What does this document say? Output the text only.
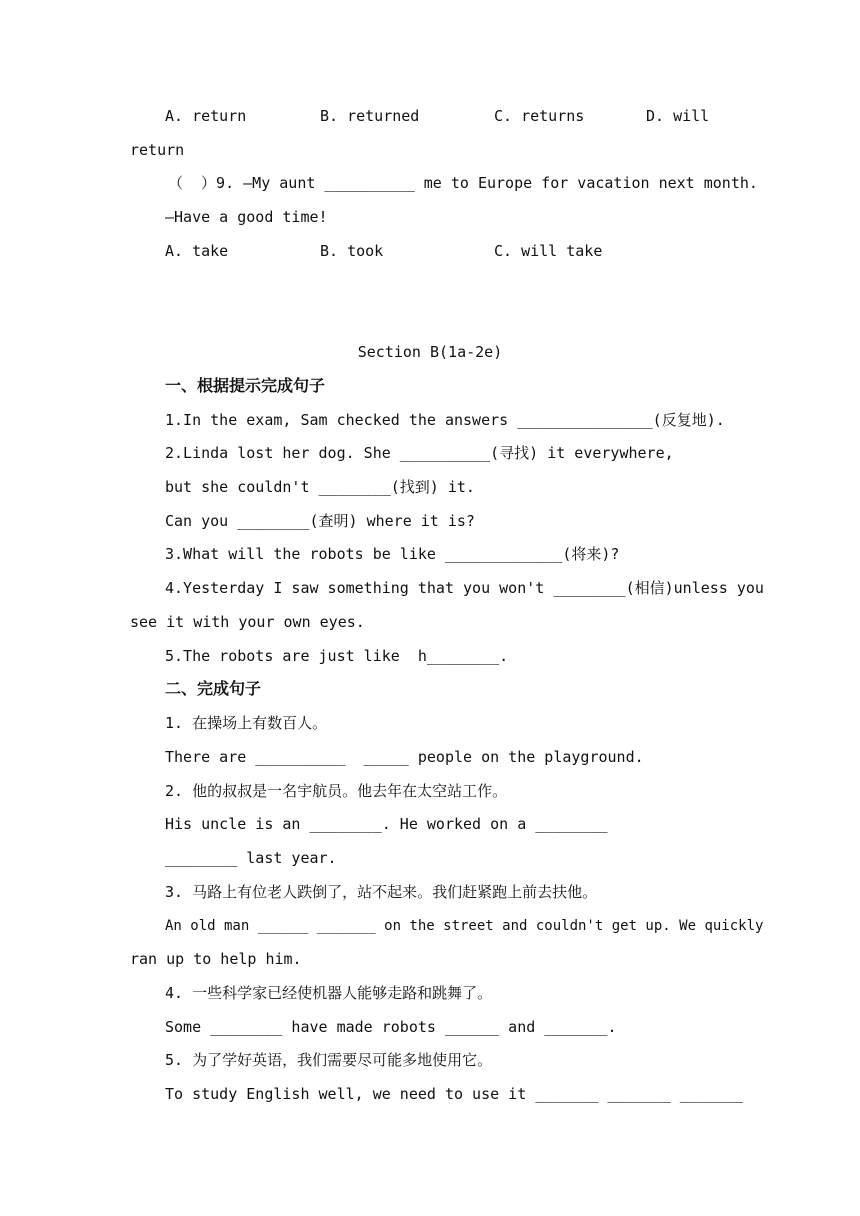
A. return	B. returned	C. returns	D. will
return
（  ）9. —My aunt __________ me to Europe for vacation next month.
—Have a good time!
A. take	B. took	C. will take
Section B(1a-2e)
一、根据提示完成句子
1.In the exam, Sam checked the answers _______________(反复地).
2.Linda lost her dog. She __________(寻找) it everywhere,
but she couldn't ________(找到) it.
Can you ________(查明) where it is?
3.What will the robots be like _____________(将来)?
4.Yesterday I saw something that you won't ________(相信)unless you
see it with your own eyes.
5.The robots are just like  h________.
二、完成句子
1. 在操场上有数百人。
There are __________  _____ people on the playground.
2. 他的叔叔是一名宇航员。他去年在太空站工作。
His uncle is an ________. He worked on a ________
________ last year.
3. 马路上有位老人跌倒了，站不起来。我们赶紧跑上前去扶他。
An old man ______ _______ on the street and couldn't get up. We quickly
ran up to help him.
4. 一些科学家已经使机器人能够走路和跳舞了。
Some ________ have made robots ______ and _______.
5. 为了学好英语，我们需要尽可能多地使用它。
To study English well, we need to use it _______ _______ _______
